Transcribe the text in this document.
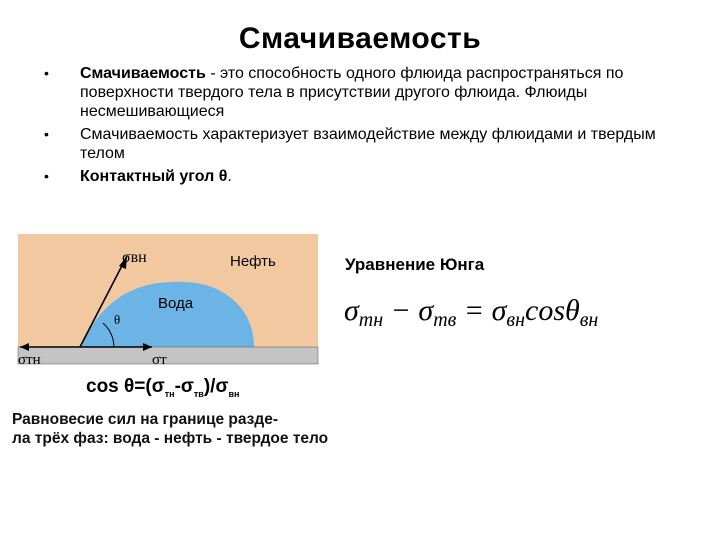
Смачиваемость
• Смачиваемость - это способность одного флюида распространяться по поверхности твердого тела в присутствии другого флюида. Флюиды несмешивающиеся
• Смачиваемость характеризует взаимодействие между флюидами и твердым телом
• Контактный угол θ.
σвн	Нефть
Вода
θ
σтн	σт
$\cos \theta=(\sigma_{тн}-\sigma_{тв})/\sigma_{вн}$
Равновесие сил на границе разде-
ла трёх фаз: вода - нефть - твердое тело
Уравнение Юнга
$\sigma_{тн} - \sigma_{тв} = \sigma_{вн}\cos\theta_{вн}$
